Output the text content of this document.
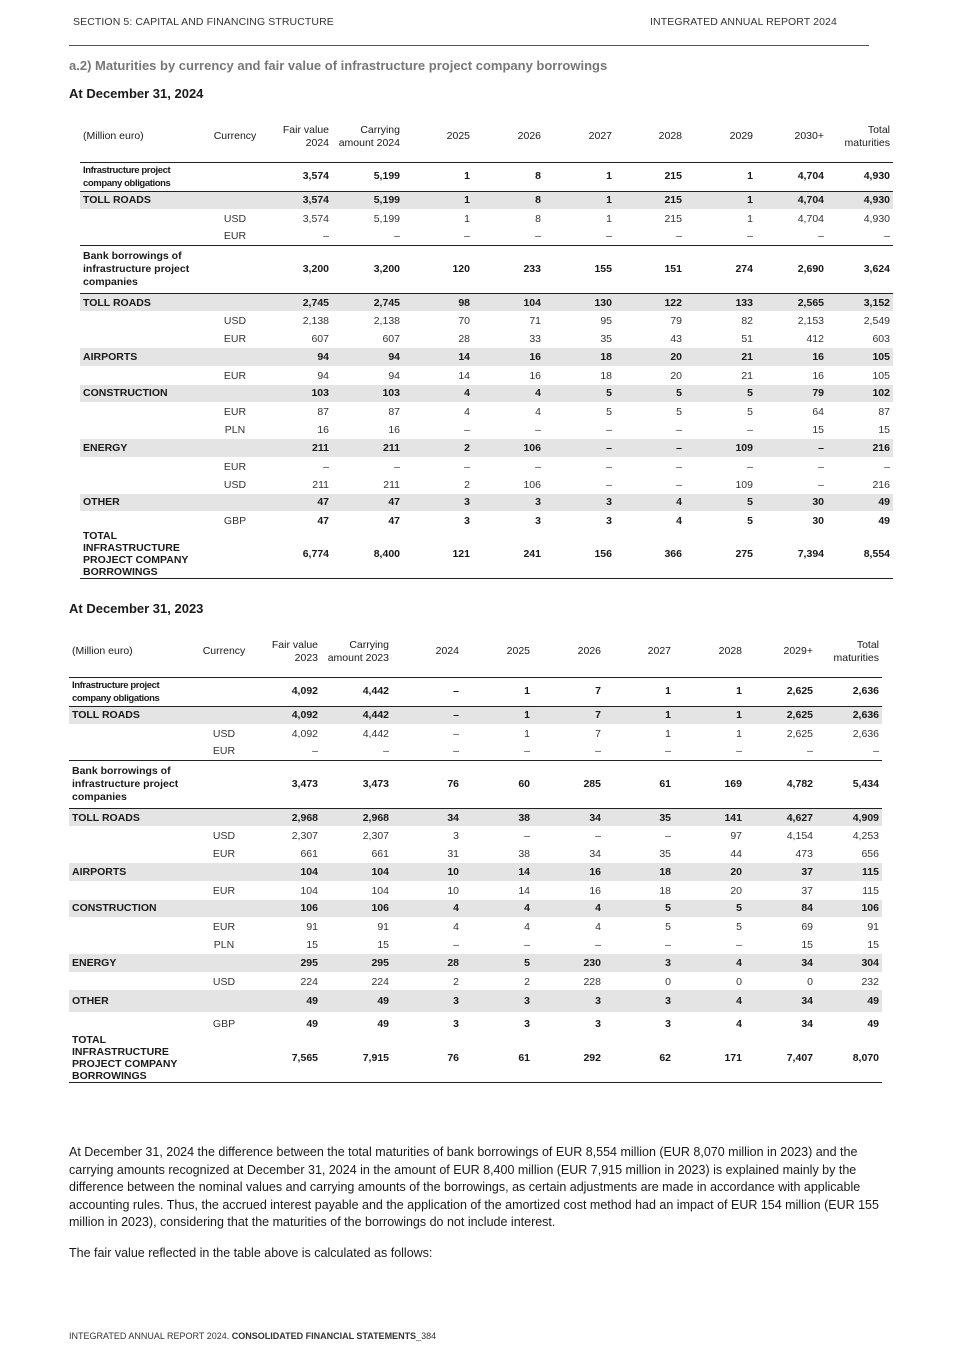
SECTION 5: CAPITAL AND FINANCING STRUCTURE	INTEGRATED ANNUAL REPORT 2024
a.2) Maturities by currency and fair value of infrastructure project company borrowings
At December 31, 2024
(Million euro)	Currency	Fair value 2024	Carrying amount 2024	2025	2026	2027	2028	2029	2030+	Total maturities
Infrastructure project company obligations		3,574	5,199	1	8	1	215	1	4,704	4,930
TOLL ROADS		3,574	5,199	1	8	1	215	1	4,704	4,930
	USD	3,574	5,199	1	8	1	215	1	4,704	4,930
	EUR	–	–	–	–	–	–	–	–	–
Bank borrowings of infrastructure project companies		3,200	3,200	120	233	155	151	274	2,690	3,624
TOLL ROADS		2,745	2,745	98	104	130	122	133	2,565	3,152
	USD	2,138	2,138	70	71	95	79	82	2,153	2,549
	EUR	607	607	28	33	35	43	51	412	603
AIRPORTS		94	94	14	16	18	20	21	16	105
	EUR	94	94	14	16	18	20	21	16	105
CONSTRUCTION		103	103	4	4	5	5	5	79	102
	EUR	87	87	4	4	5	5	5	64	87
	PLN	16	16	–	–	–	–	–	15	15
ENERGY		211	211	2	106	–	–	109	–	216
	EUR	–	–	–	–	–	–	–	–	–
	USD	211	211	2	106	–	–	109	–	216
OTHER		47	47	3	3	3	4	5	30	49
	GBP	47	47	3	3	3	4	5	30	49
TOTAL INFRASTRUCTURE PROJECT COMPANY BORROWINGS		6,774	8,400	121	241	156	366	275	7,394	8,554
At December 31, 2023
(Million euro)	Currency	Fair value 2023	Carrying amount 2023	2024	2025	2026	2027	2028	2029+	Total maturities
Infrastructure project company obligations		4,092	4,442	–	1	7	1	1	2,625	2,636
TOLL ROADS		4,092	4,442	–	1	7	1	1	2,625	2,636
	USD	4,092	4,442	–	1	7	1	1	2,625	2,636
	EUR	–	–	–	–	–	–	–	–	–
Bank borrowings of infrastructure project companies		3,473	3,473	76	60	285	61	169	4,782	5,434
TOLL ROADS		2,968	2,968	34	38	34	35	141	4,627	4,909
	USD	2,307	2,307	3	–	–	–	97	4,154	4,253
	EUR	661	661	31	38	34	35	44	473	656
AIRPORTS		104	104	10	14	16	18	20	37	115
	EUR	104	104	10	14	16	18	20	37	115
CONSTRUCTION		106	106	4	4	4	5	5	84	106
	EUR	91	91	4	4	4	5	5	69	91
	PLN	15	15	–	–	–	–	–	15	15
ENERGY		295	295	28	5	230	3	4	34	304
	USD	224	224	2	2	228	0	0	0	232
OTHER		49	49	3	3	3	3	4	34	49
	GBP	49	49	3	3	3	3	4	34	49
TOTAL INFRASTRUCTURE PROJECT COMPANY BORROWINGS		7,565	7,915	76	61	292	62	171	7,407	8,070
At December 31, 2024 the difference between the total maturities of bank borrowings of EUR 8,554 million (EUR 8,070 million in 2023) and the carrying amounts recognized at December 31, 2024 in the amount of EUR 8,400 million (EUR 7,915 million in 2023) is explained mainly by the difference between the nominal values and carrying amounts of the borrowings, as certain adjustments are made in accordance with applicable accounting rules. Thus, the accrued interest payable and the application of the amortized cost method had an impact of EUR 154 million (EUR 155 million in 2023), considering that the maturities of the borrowings do not include interest.
The fair value reflected in the table above is calculated as follows:
INTEGRATED ANNUAL REPORT 2024. CONSOLIDATED FINANCIAL STATEMENTS_384
